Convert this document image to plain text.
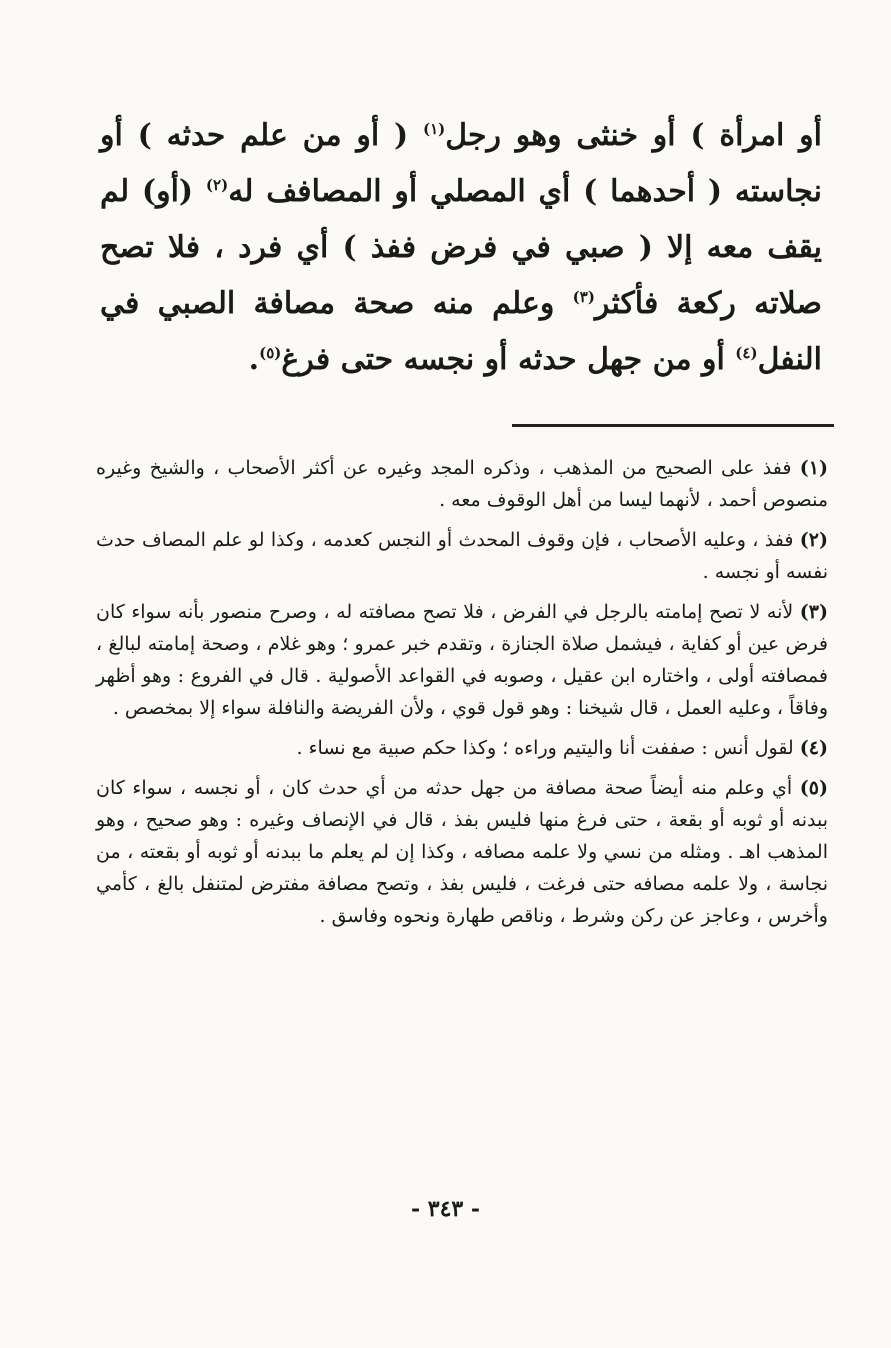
أو امرأة ) أو خنثى وهو رجل$^{(١)}$ ( أو من علم حدثه ) أو نجاسته ( أحدهما ) أي المصلي أو المصافف له$^{(٢)}$ (أو) لم يقف معه إلا ( صبي في فرض ففذ ) أي فرد ، فلا تصح صلاته ركعة فأكثر$^{(٣)}$ وعلم منه صحة مصافة الصبي في النفل$^{(٤)}$ أو من جهل حدثه أو نجسه حتى فرغ$^{(٥)}$.

(١) ففذ على الصحيح من المذهب ، وذكره المجد وغيره عن أكثر الأصحاب ، والشيخ وغيره منصوص أحمد ، لأنهما ليسا من أهل الوقوف معه .

(٢) ففذ ، وعليه الأصحاب ، فإن وقوف المحدث أو النجس كعدمه ، وكذا لو علم المصاف حدث نفسه أو نجسه .

(٣) لأنه لا تصح إمامته بالرجل في الفرض ، فلا تصح مصافته له ، وصرح منصور بأنه سواء كان فرض عين أو كفاية ، فيشمل صلاة الجنازة ، وتقدم خبر عمرو ؛ وهو غلام ، وصحة إمامته لبالغ ، فمصافته أولى ، واختاره ابن عقيل ، وصوبه في القواعد الأصولية . قال في الفروع : وهو أظهر وفاقاً ، وعليه العمل ، قال شيخنا : وهو قول قوي ، ولأن الفريضة والنافلة سواء إلا بمخصص .

(٤) لقول أنس : صففت أنا واليتيم وراءه ؛ وكذا حكم صبية مع نساء .

(٥) أي وعلم منه أيضاً صحة مصافة من جهل حدثه من أي حدث كان ، أو نجسه ، سواء كان ببدنه أو ثوبه أو بقعة ، حتى فرغ منها فليس بفذ ، قال في الإنصاف وغيره : وهو صحيح ، وهو المذهب اهـ . ومثله من نسي ولا علمه مصافه ، وكذا إن لم يعلم ما ببدنه أو ثوبه أو بقعته ، من نجاسة ، ولا علمه مصافه حتى فرغت ، فليس بفذ ، وتصح مصافة مفترض لمتنفل بالغ ، كأمي وأخرس ، وعاجز عن ركن وشرط ، وناقص طهارة ونحوه وفاسق .

- ٣٤٣ -
